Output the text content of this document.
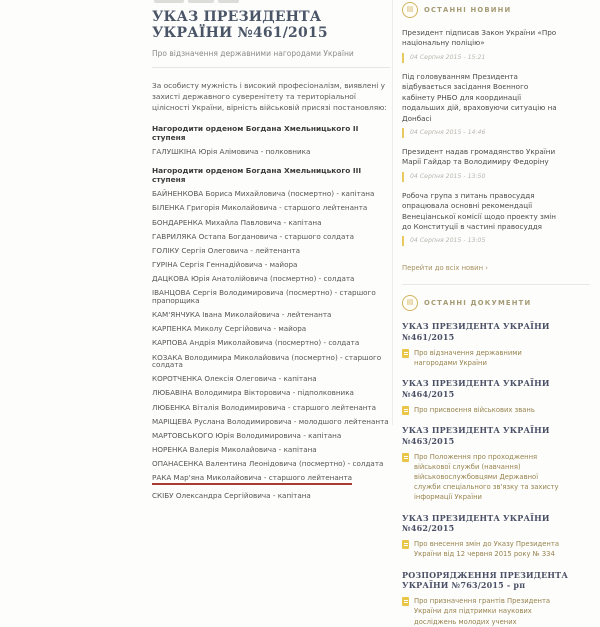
УКАЗ ПРЕЗИДЕНТА УКРАЇНИ №461/2015
Про відзначення державними нагородами України

За особисту мужність і високий професіоналізм, виявлені у захисті державного суверенітету та територіальної цілісності України, вірність військовій присязі постановляю:

Нагородити орденом Богдана Хмельницького II ступеня
ГАЛУШКІНА Юрія Алімовича - полковника
Нагородити орденом Богдана Хмельницького III ступеня
БАЙНЕНКОВА Бориса Михайловича (посмертно) - капітана
БІЛЕНКА Григорія Миколайовича - старшого лейтенанта
БОНДАРЕНКА Михайла Павловича - капітана
ГАВРИЛЯКА Остапа Богдановича - старшого солдата
ГОЛІКУ Сергія Олеговича - лейтенанта
ГУРІНА Сергія Геннадійовича - майора
ДАЦКОВА Юрія Анатолійовича (посмертно) - солдата
ІВАНЦОВА Сергія Володимировича (посмертно) - старшого прапорщика
КАМ'ЯНЧУКА Івана Миколайовича - лейтенанта
КАРПЕНКА Миколу Сергійовича - майора
КАРПОВА Андрія Миколайовича (посмертно) - солдата
КОЗАКА Володимира Миколайовича (посмертно) - старшого солдата
КОРОТЧЕНКА Олексія Олеговича - капітана
ЛЮБАВІНА Володимира Вікторовича - підполковника
ЛЮБЕНКА Віталія Володимировича - старшого лейтенанта
МАРІЩЕВА Руслана Володимировича - молодшого лейтенанта
МАРТОВСЬКОГО Юрія Володимировича - капітана
НОРЕНКА Валерія Миколайовича - капітана
ОПАНАСЕНКА Валентина Леонідовича (посмертно) - солдата
РАКА Мар'яна Миколайовича - старшого лейтенанта
СКІБУ Олександра Сергійовича - капітана
▤	ОСТАННІ НОВИНИ
Президент підписав Закон України «Про національну поліцію»
04 Серпня 2015 - 15:21
Під головуванням Президента відбувається засідання Воєнного кабінету РНБО для координації подальших дій, враховуючи ситуацію на Донбасі
04 Серпня 2015 - 14:46
Президент надав громадянство України Марії Гайдар та Володимиру Федоріну
04 Серпня 2015 - 13:50
Робоча група з питань правосуддя опрацювала основні рекомендації Венеціанської комісії щодо проекту змін до Конституції в частині правосуддя
04 Серпня 2015 - 13:05
Перейти до всіх новин ›
▤	ОСТАННІ ДОКУМЕНТИ
УКАЗ ПРЕЗИДЕНТА УКРАЇНИ №461/2015
Про відзначення державними нагородами України
УКАЗ ПРЕЗИДЕНТА УКРАЇНИ №464/2015
Про присвоєння військових звань
УКАЗ ПРЕЗИДЕНТА УКРАЇНИ №463/2015
Про Положення про проходження військової служби (навчання) військовослужбовцями Державної служби спеціального зв'язку та захисту інформації України
УКАЗ ПРЕЗИДЕНТА УКРАЇНИ №462/2015
Про внесення змін до Указу Президента України від 12 червня 2015 року № 334
РОЗПОРЯДЖЕННЯ ПРЕЗИДЕНТА УКРАЇНИ №763/2015 - рп
Про призначення грантів Президента України для підтримки наукових досліджень молодих учених
